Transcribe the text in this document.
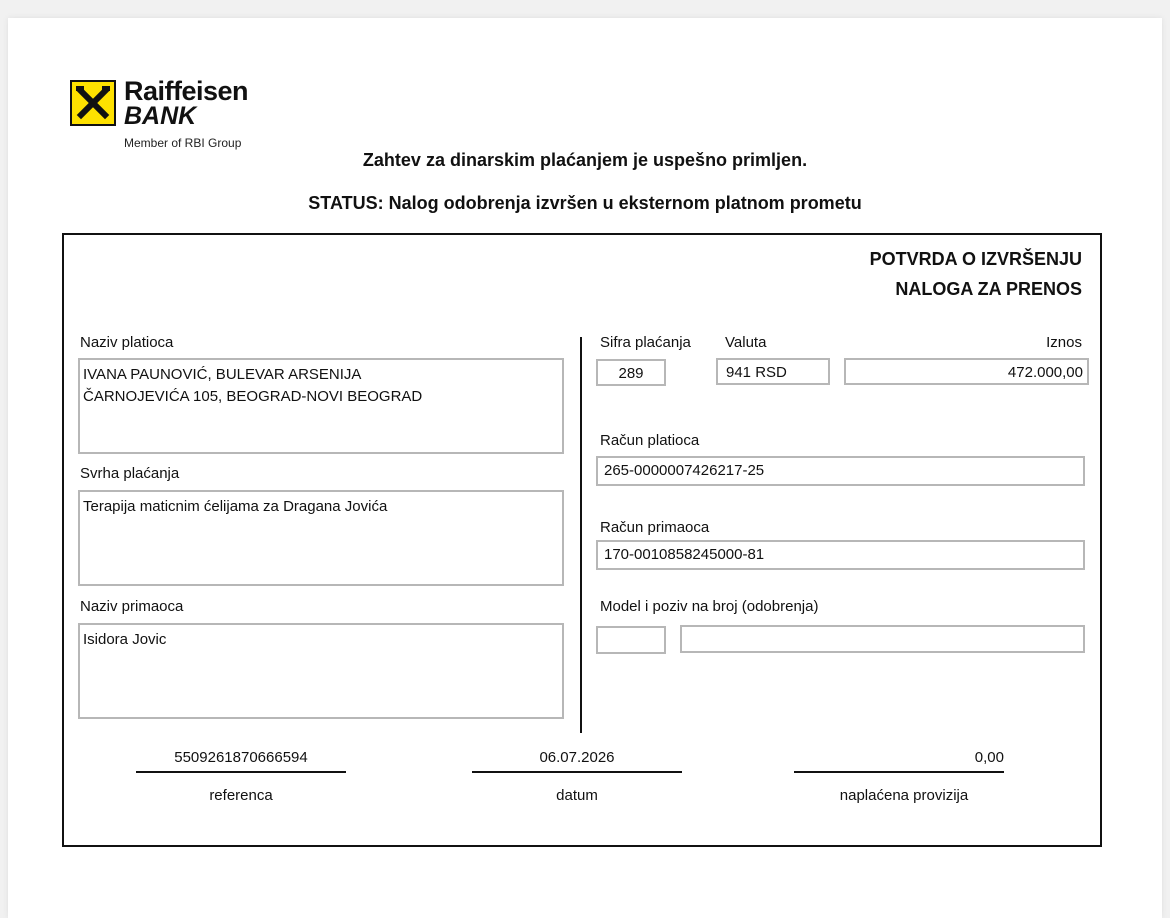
Raiffeisen
BANK
Member of RBI Group
Zahtev za dinarskim plaćanjem je uspešno primljen.
STATUS: Nalog odobrenja izvršen u eksternom platnom prometu
POTVRDA O IZVRŠENJU
NALOGA ZA PRENOS
Naziv platioca
IVANA PAUNOVIĆ, BULEVAR ARSENIJA
ČARNOJEVIĆA 105, BEOGRAD-NOVI BEOGRAD
Svrha plaćanja
Terapija maticnim ćelijama za Dragana Jovića
Naziv primaoca
Isidora Jovic
Sifra plaćanja
289
Valuta
941 RSD
Iznos
472.000,00
Račun platioca
265-0000007426217-25
Račun primaoca
170-0010858245000-81
Model i poziv na broj (odobrenja)
5509261870666594
referenca
06.07.2026
datum
0,00
naplaćena provizija
